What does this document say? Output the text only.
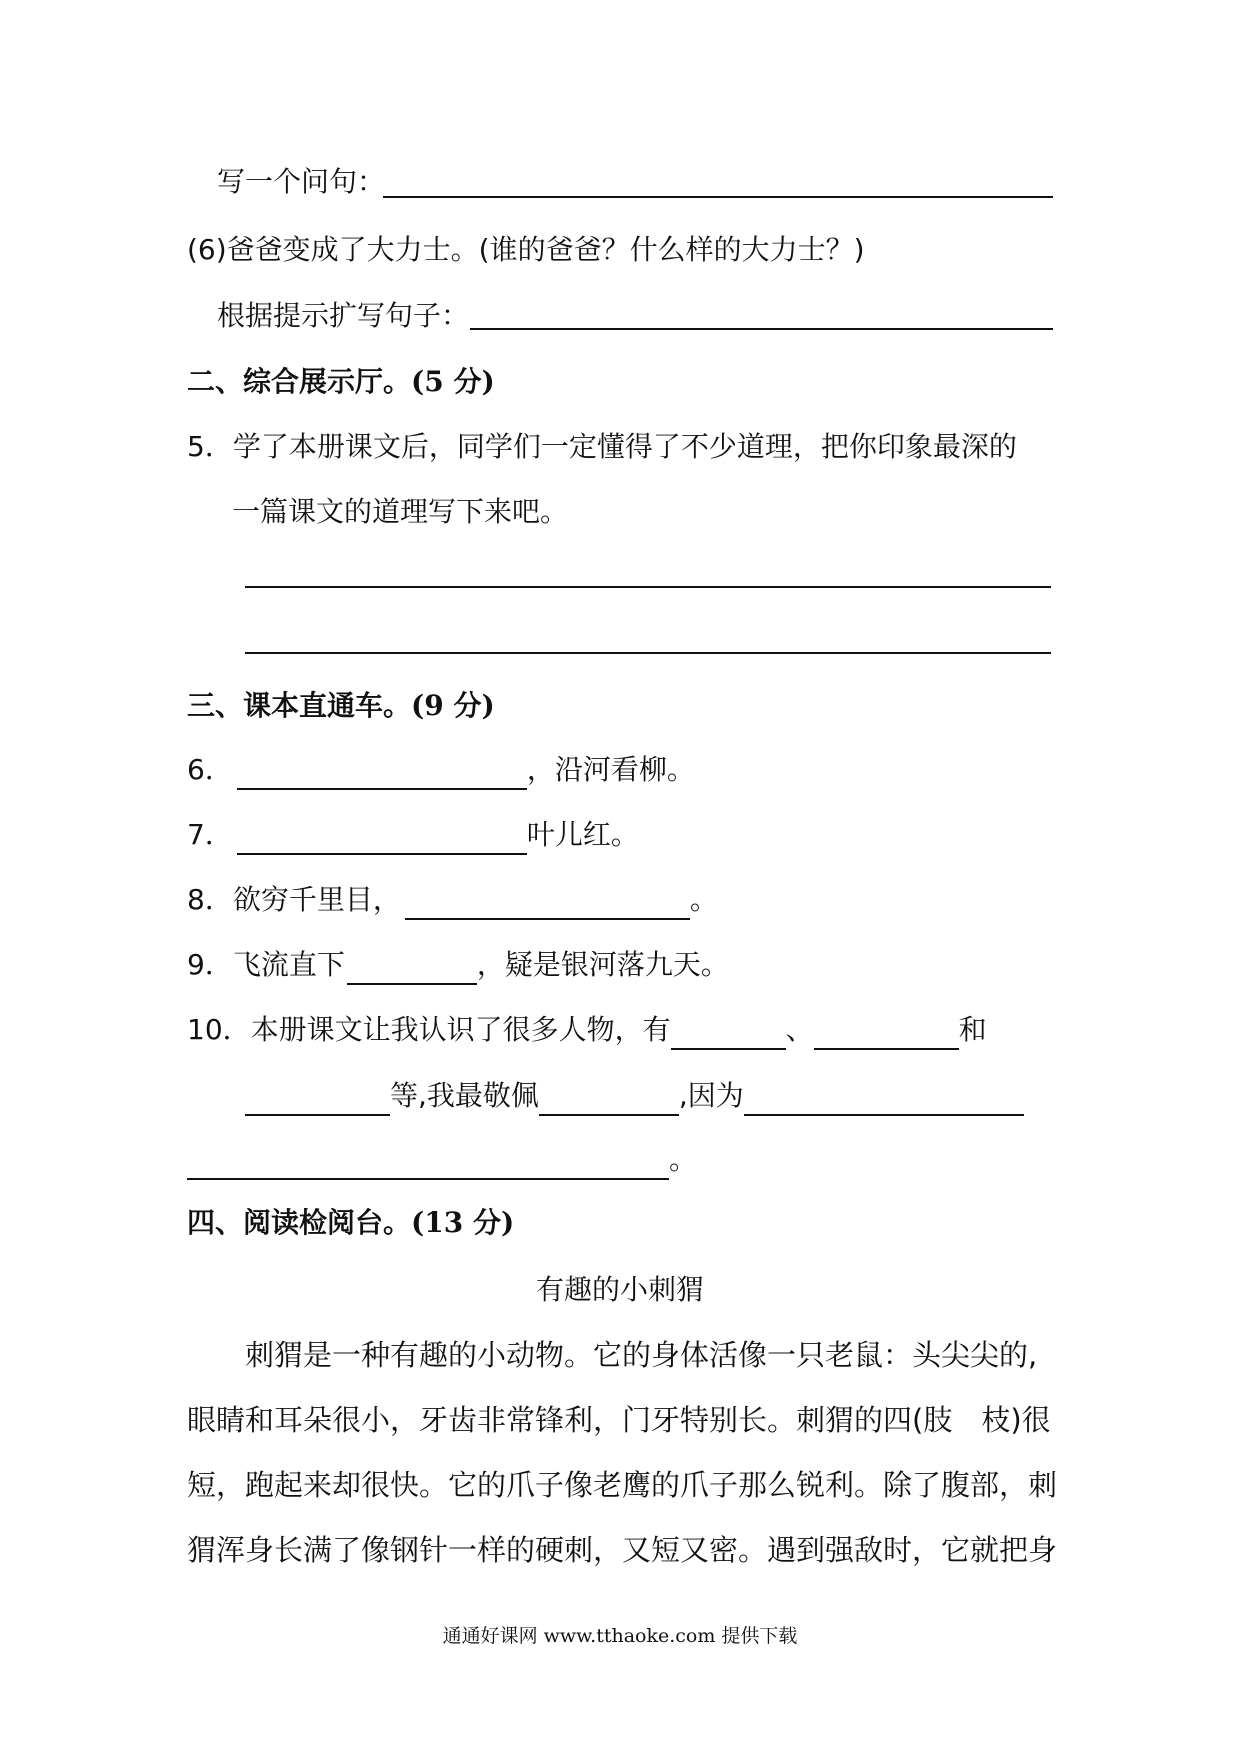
写一个问句：
(6)爸爸变成了大力士。(谁的爸爸？什么样的大力士？)
根据提示扩写句子：
二、综合展示厅。(5 分)
5．学了本册课文后，同学们一定懂得了不少道理，把你印象最深的
一篇课文的道理写下来吧。
三、课本直通车。(9 分)
6．	，沿河看柳。
7．	叶儿红。
8．欲穷千里目，	。
9．飞流直下	，疑是银河落九天。
10．本册课文让我认识了很多人物，有	、	和
等,我最敬佩	,因为
。
四、阅读检阅台。(13 分)
有趣的小刺猬
刺猬是一种有趣的小动物。它的身体活像一只老鼠：头尖尖的,
眼睛和耳朵很小，牙齿非常锋利，门牙特别长。刺猬的四(肢　枝)很
短，跑起来却很快。它的爪子像老鹰的爪子那么锐利。除了腹部，刺
猬浑身长满了像钢针一样的硬刺，又短又密。遇到强敌时，它就把身
通通好课网 www.tthaoke.com 提供下载
